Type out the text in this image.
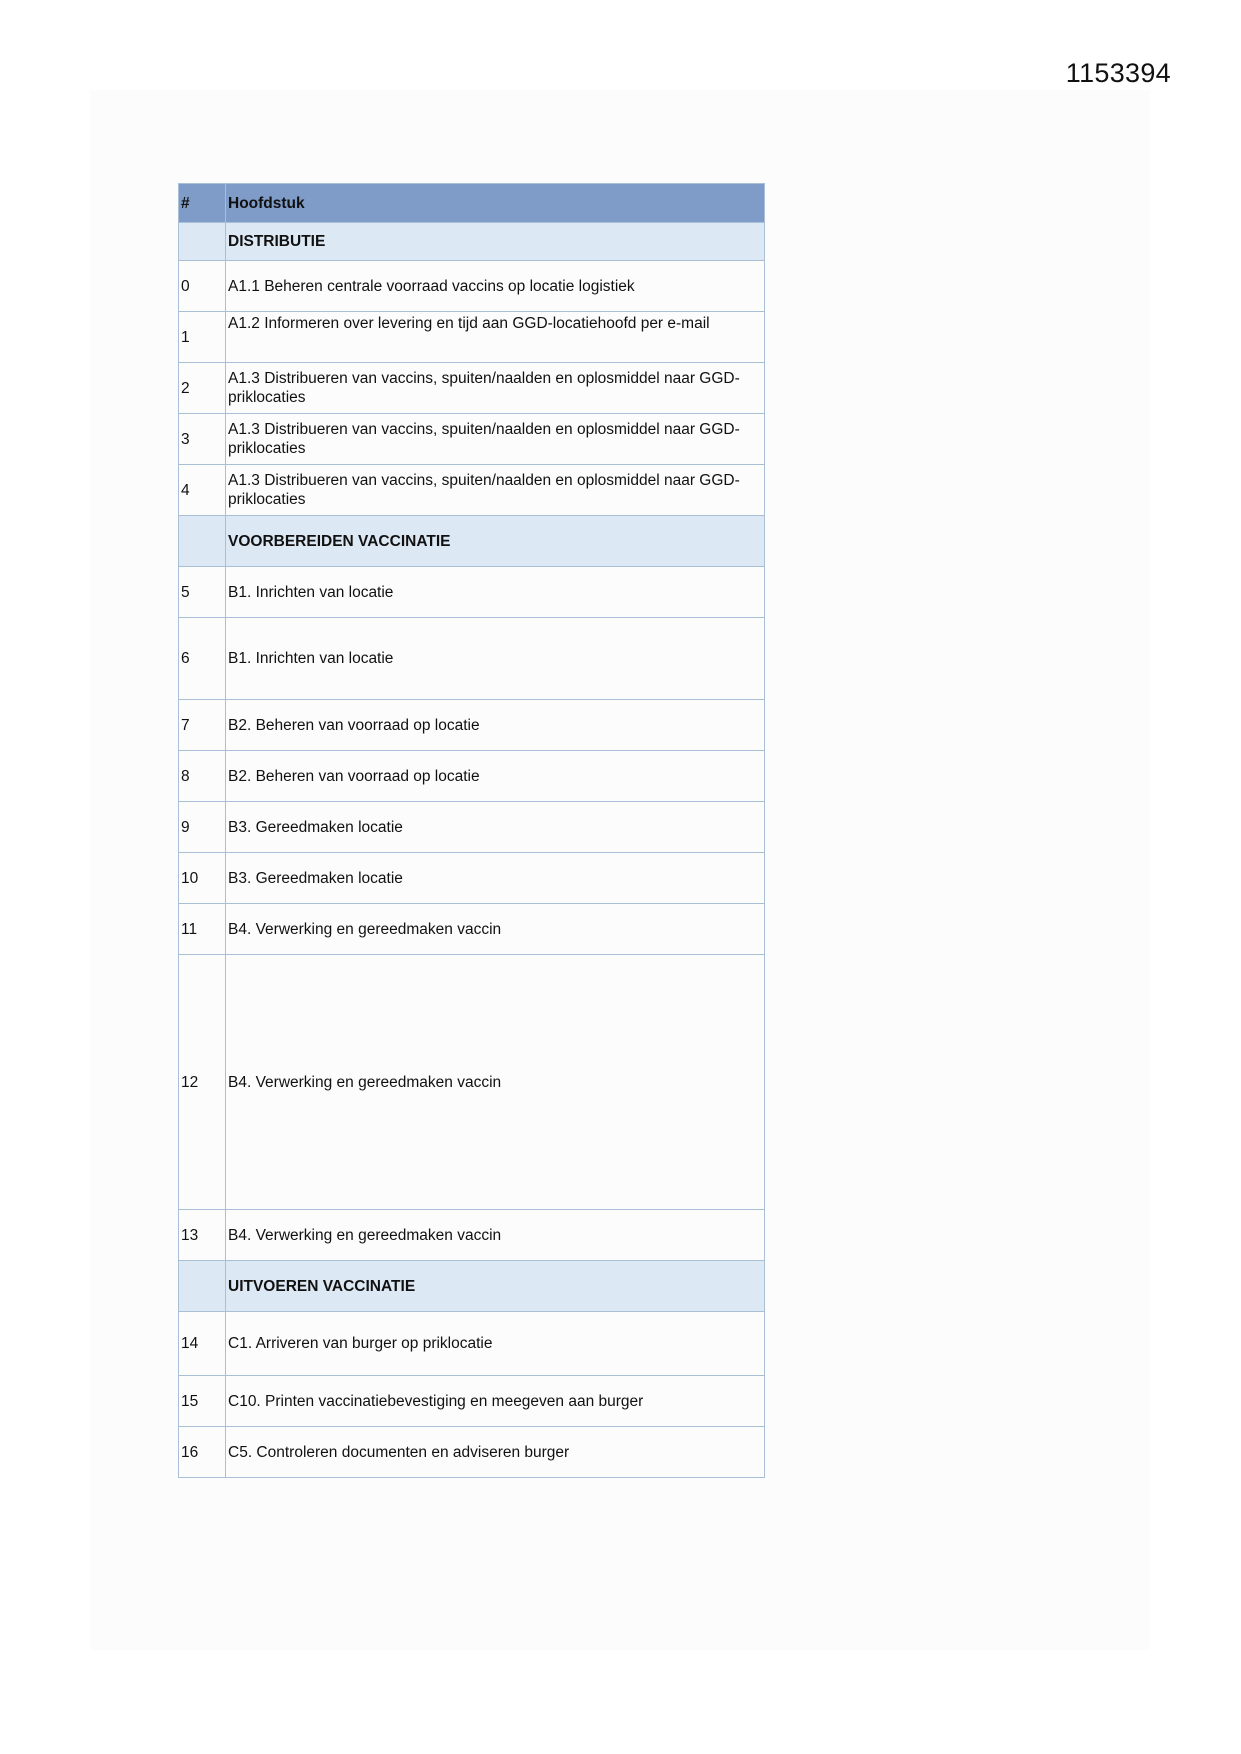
1153394
#	Hoofdstuk
	DISTRIBUTIE
0	A1.1 Beheren centrale voorraad vaccins op locatie logistiek
1	A1.2 Informeren over levering en tijd aan GGD-locatiehoofd per e-mail
2	A1.3 Distribueren van vaccins, spuiten/naalden en oplosmiddel naar GGD-priklocaties
3	A1.3 Distribueren van vaccins, spuiten/naalden en oplosmiddel naar GGD-priklocaties
4	A1.3 Distribueren van vaccins, spuiten/naalden en oplosmiddel naar GGD-priklocaties
	VOORBEREIDEN VACCINATIE
5	B1. Inrichten van locatie
6	B1. Inrichten van locatie
7	B2. Beheren van voorraad op locatie
8	B2. Beheren van voorraad op locatie
9	B3. Gereedmaken locatie
10	B3. Gereedmaken locatie
11	B4. Verwerking en gereedmaken vaccin
12	B4. Verwerking en gereedmaken vaccin
13	B4. Verwerking en gereedmaken vaccin
	UITVOEREN VACCINATIE
14	C1. Arriveren van burger op priklocatie
15	C10. Printen vaccinatiebevestiging en meegeven aan burger
16	C5. Controleren documenten en adviseren burger
